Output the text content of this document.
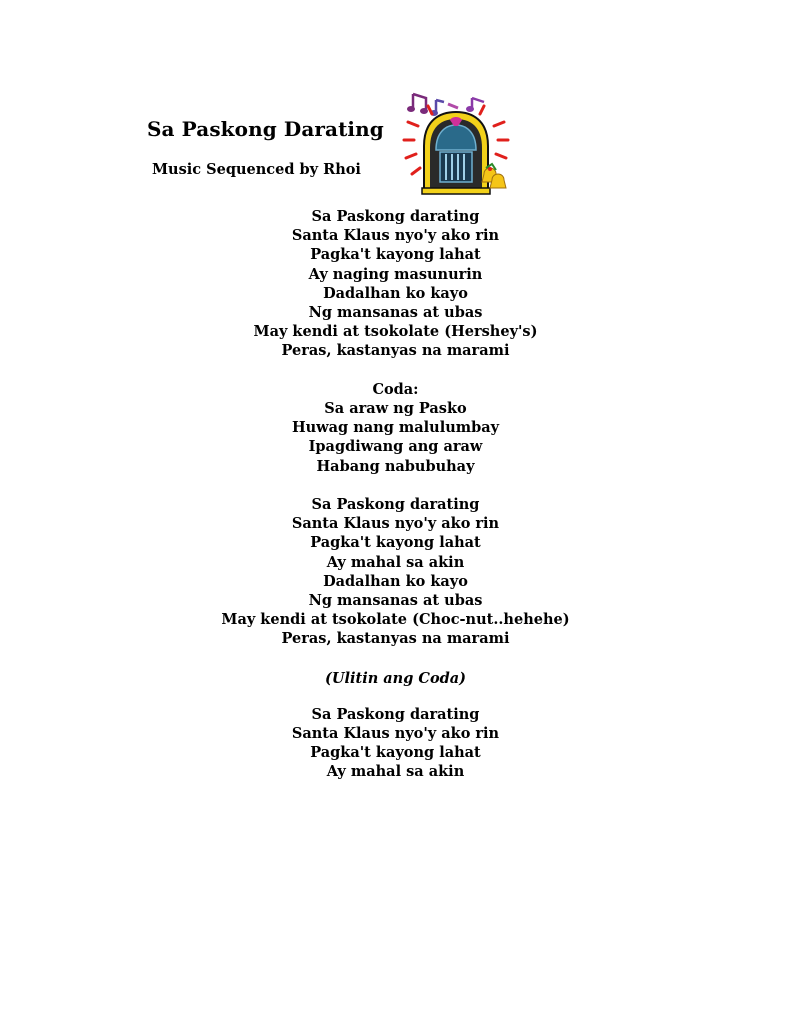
Sa Paskong Darating
Music Sequenced by Rhoi
Sa Paskong darating
Santa Klaus nyo'y ako rin
Pagka't kayong lahat
Ay naging masunurin
Dadalhan ko kayo
Ng mansanas at ubas
May kendi at tsokolate (Hershey's)
Peras, kastanyas na marami
Coda:
Sa araw ng Pasko
Huwag nang malulumbay
Ipagdiwang ang araw
Habang nabubuhay
Sa Paskong darating
Santa Klaus nyo'y ako rin
Pagka't kayong lahat
Ay mahal sa akin
Dadalhan ko kayo
Ng mansanas at ubas
May kendi at tsokolate (Choc-nut..hehehe)
Peras, kastanyas na marami
(Ulitin ang Coda)
Sa Paskong darating
Santa Klaus nyo'y ako rin
Pagka't kayong lahat
Ay mahal sa akin
